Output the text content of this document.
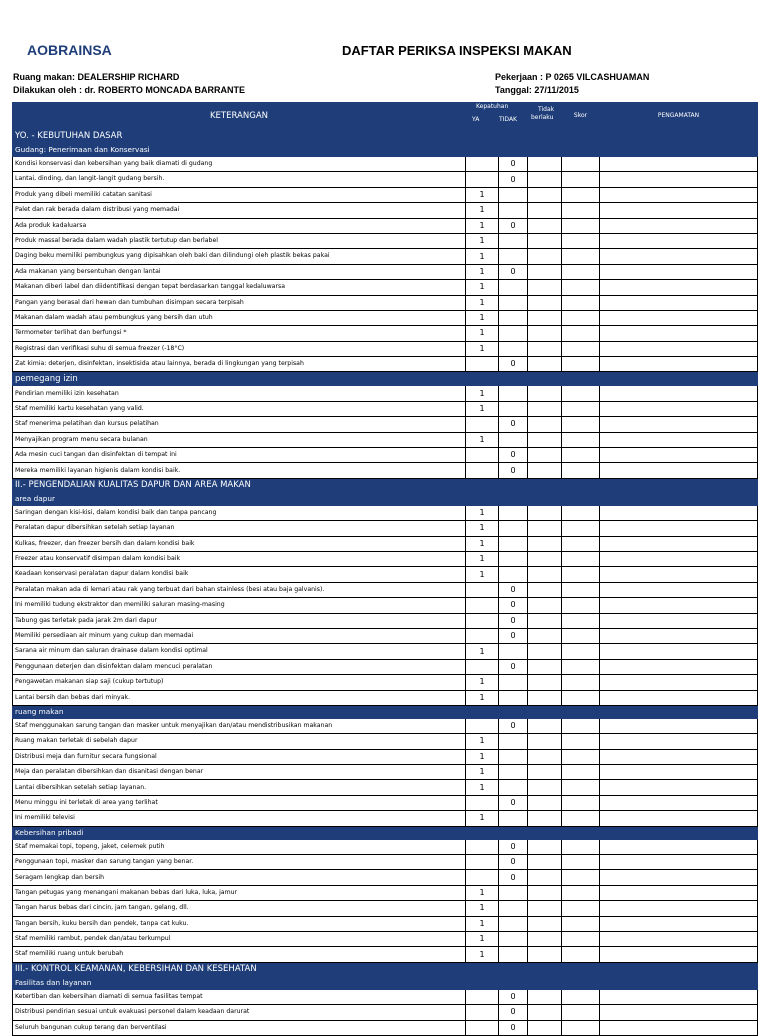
AOBRAINSA	DAFTAR PERIKSA INSPEKSI MAKAN
Ruang makan: DEALERSHIP RICHARD
Dilakukan oleh : dr. ROBERTO MONCADA BARRANTE
Pekerjaan : P 0265 VILCASHUAMAN
Tanggal: 27/11/2015
KETERANGAN	Kepatuhan
YA TIDAK		Tidak
berlaku	Skor	PENGAMATAN
YO. - KEBUTUHAN DASAR					
Gudang: Penerimaan dan Konservasi					
Kondisi konservasi dan kebersihan yang baik diamati di gudang		0			
Lantai, dinding, dan langit-langit gudang bersih.		0			
Produk yang dibeli memiliki catatan sanitasi	1				
Palet dan rak berada dalam distribusi yang memadai	1				
Ada produk kadaluarsa	1	0			
Produk massal berada dalam wadah plastik tertutup dan berlabel	1				
Daging beku memiliki pembungkus yang dipisahkan oleh baki dan dilindungi oleh plastik bekas pakai	1				
Ada makanan yang bersentuhan dengan lantai	1	0			
Makanan diberi label dan diidentifikasi dengan tepat berdasarkan tanggal kedaluwarsa	1				
Pangan yang berasal dari hewan dan tumbuhan disimpan secara terpisah	1				
Makanan dalam wadah atau pembungkus yang bersih dan utuh	1				
Termometer terlihat dan berfungsi *	1				
Registrasi dan verifikasi suhu di semua freezer (-18°C)	1				
Zat kimia: deterjen, disinfektan, insektisida atau lainnya, berada di lingkungan yang terpisah		0			
pemegang izin					
Pendirian memiliki izin kesehatan	1				
Staf memiliki kartu kesehatan yang valid.	1				
Staf menerima pelatihan dan kursus pelatihan		0			
Menyajikan program menu secara bulanan	1				
Ada mesin cuci tangan dan disinfektan di tempat ini		0			
Mereka memiliki layanan higienis dalam kondisi baik.		0			
II.- PENGENDALIAN KUALITAS DAPUR DAN AREA MAKAN					
area dapur					
Saringan dengan kisi-kisi, dalam kondisi baik dan tanpa pancang	1				
Peralatan dapur dibersihkan setelah setiap layanan	1				
Kulkas, freezer, dan freezer bersih dan dalam kondisi baik	1				
Freezer atau konservatif disimpan dalam kondisi baik	1				
Keadaan konservasi peralatan dapur dalam kondisi baik	1				
Peralatan makan ada di lemari atau rak yang terbuat dari bahan stainless (besi atau baja galvanis).		0			
Ini memiliki tudung ekstraktor dan memiliki saluran masing-masing		0			
Tabung gas terletak pada jarak 2m dari dapur		0			
Memiliki persediaan air minum yang cukup dan memadai		0			
Sarana air minum dan saluran drainase dalam kondisi optimal	1				
Penggunaan deterjen dan disinfektan dalam mencuci peralatan		0			
Pengawetan makanan siap saji (cukup tertutup)	1				
Lantai bersih dan bebas dari minyak.	1				
ruang makan					
Staf menggunakan sarung tangan dan masker untuk menyajikan dan/atau mendistribusikan makanan		0			
Ruang makan terletak di sebelah dapur	1				
Distribusi meja dan furnitur secara fungsional	1				
Meja dan peralatan dibersihkan dan disanitasi dengan benar	1				
Lantai dibersihkan setelah setiap layanan.	1				
Menu minggu ini terletak di area yang terlihat		0			
Ini memiliki televisi	1				
Kebersihan pribadi					
Staf memakai topi, topeng, jaket, celemek putih		0			
Penggunaan topi, masker dan sarung tangan yang benar.		0			
Seragam lengkap dan bersih		0			
Tangan petugas yang menangani makanan bebas dari luka, luka, jamur	1				
Tangan harus bebas dari cincin, jam tangan, gelang, dll.	1				
Tangan bersih, kuku bersih dan pendek, tanpa cat kuku.	1				
Staf memiliki rambut, pendek dan/atau terkumpul	1				
Staf memiliki ruang untuk berubah	1				
III.- KONTROL KEAMANAN, KEBERSIHAN DAN KESEHATAN					
Fasilitas dan layanan					
Ketertiban dan kebersihan diamati di semua fasilitas tempat		0			
Distribusi pendirian sesuai untuk evakuasi personel dalam keadaan darurat		0			
Seluruh bangunan cukup terang dan berventilasi		0			
